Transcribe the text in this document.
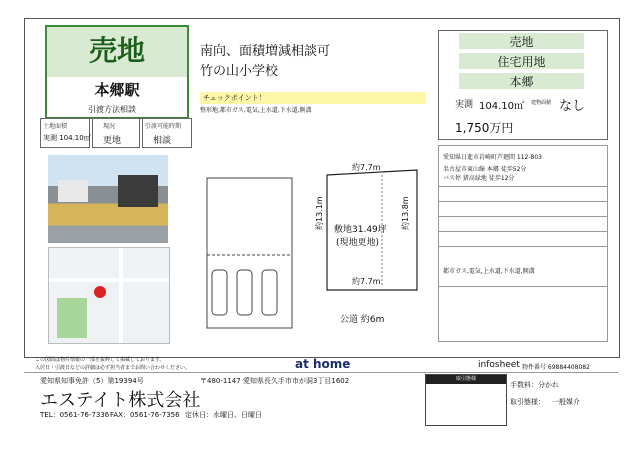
売地
本郷駅
引渡方法相談
土地面積
実測 104.10㎡
現況
更地
引渡可能時期
相談
南向、面積増減相談可
竹の山小学校
チェックポイント！
整形地,都市ガス,電気,上水道,下水道,側溝
約7.7m
約7.7m
約13.1m	約13.8m
敷地31.49坪
(現地更地)
公道 約6m
売地
住宅用地
本郷
実測 104.10㎡ 建物面積 なし
1,750万円
愛知県日進市岩崎町芦廻間 112-803
名古屋市東山線 本郷 徒歩52分
バス停 猪高緑地 徒歩12分
都市ガス,電気,上水道,下水道,側溝
この図面は物件情報の一部を抜粋して掲載しております。
入居日・引渡日などの詳細は必ず担当者までお問い合わせください。	at home	infosheet 物件番号 69884408082
愛知県知事免許（5）第19394号	〒480-1147 愛知県長久手市市が洞3丁目1602
エステイト株式会社
TEL：0561-76-7336 FAX：0561-76-7356 定休日：水曜日、日曜日
取引態様
手数料：分かれ
取引態様： 一般媒介
